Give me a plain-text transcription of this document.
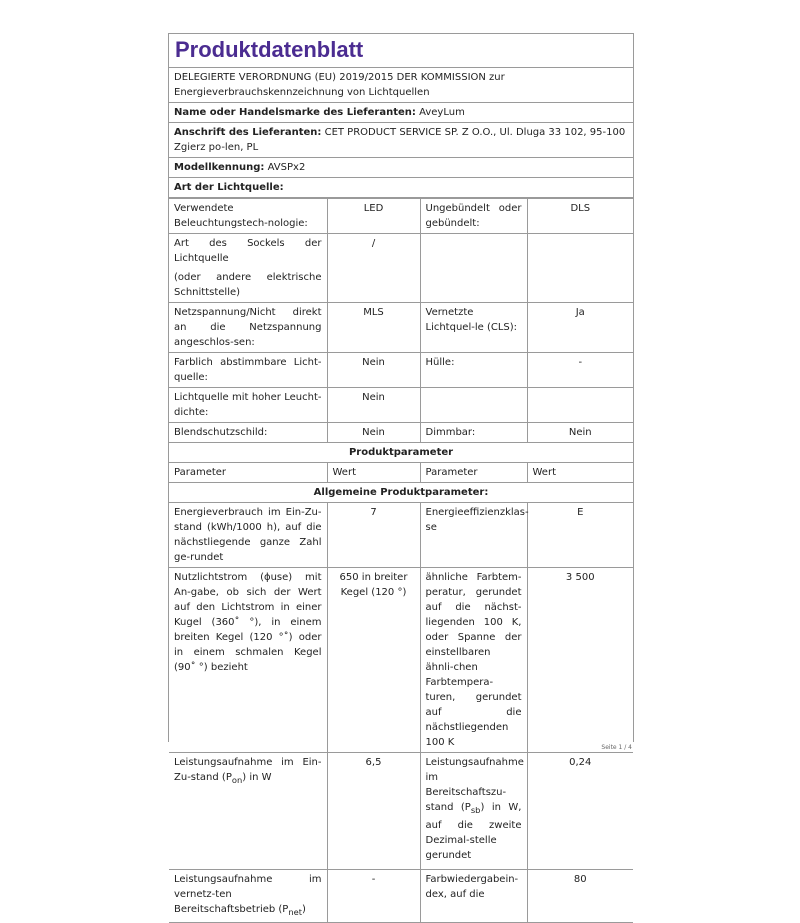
Produktdatenblatt
DELEGIERTE VERORDNUNG (EU) 2019/2015 DER KOMMISSION zur Energieverbrauchskennzeichnung von Lichtquellen
Name oder Handelsmarke des Lieferanten: AveyLum
Anschrift des Lieferanten: CET PRODUCT SERVICE SP. Z O.O., Ul. Dluga 33 102, 95-100 Zgierz po-len, PL
Modellkennung: AVSPx2
Art der Lichtquelle:
Verwendete Beleuchtungstech-nologie:	LED	Ungebündelt oder gebündelt:	DLS
Art des Sockels der Lichtquelle
(oder andere elektrische Schnittstelle)	/		
Netzspannung/Nicht direkt an die Netzspannung angeschlos-sen:	MLS	Vernetzte Lichtquel-le (CLS):	Ja
Farblich abstimmbare Licht-quelle:	Nein	Hülle:	-
Lichtquelle mit hoher Leucht-dichte:	Nein		
Blendschutzschild:	Nein	Dimmbar:	Nein
Produktparameter			
Parameter	Wert	Parameter	Wert
Allgemeine Produktparameter:			
Energieverbrauch im Ein-Zu-stand (kWh/1000 h), auf die nächstliegende ganze Zahl ge-rundet	7	Energieeffizienzklas-se	E
Nutzlichtstrom (ɸuse) mit An-gabe, ob sich der Wert auf den Lichtstrom in einer Kugel (360˚ °), in einem breiten Kegel (120 °˚) oder in einem schmalen Kegel (90˚ °) bezieht	650 in breiter Kegel (120 °)	ähnliche Farbtem-peratur, gerundet auf die nächst-liegenden 100 K, oder Spanne der einstellbaren ähnli-chen Farbtempera-turen, gerundet auf die nächstliegenden 100 K	3 500
Leistungsaufnahme im Ein-Zu-stand $(P_{on})$ in W	6,5	Leistungsaufnahme im Bereitschaftszu-stand $(P_{sb})$ in W, auf die zweite Dezimal-stelle gerundet	0,24
Leistungsaufnahme im vernetz-ten Bereitschaftsbetrieb $(P_{net})$	-	Farbwiedergabein-dex, auf die	80
Seite 1 / 4
